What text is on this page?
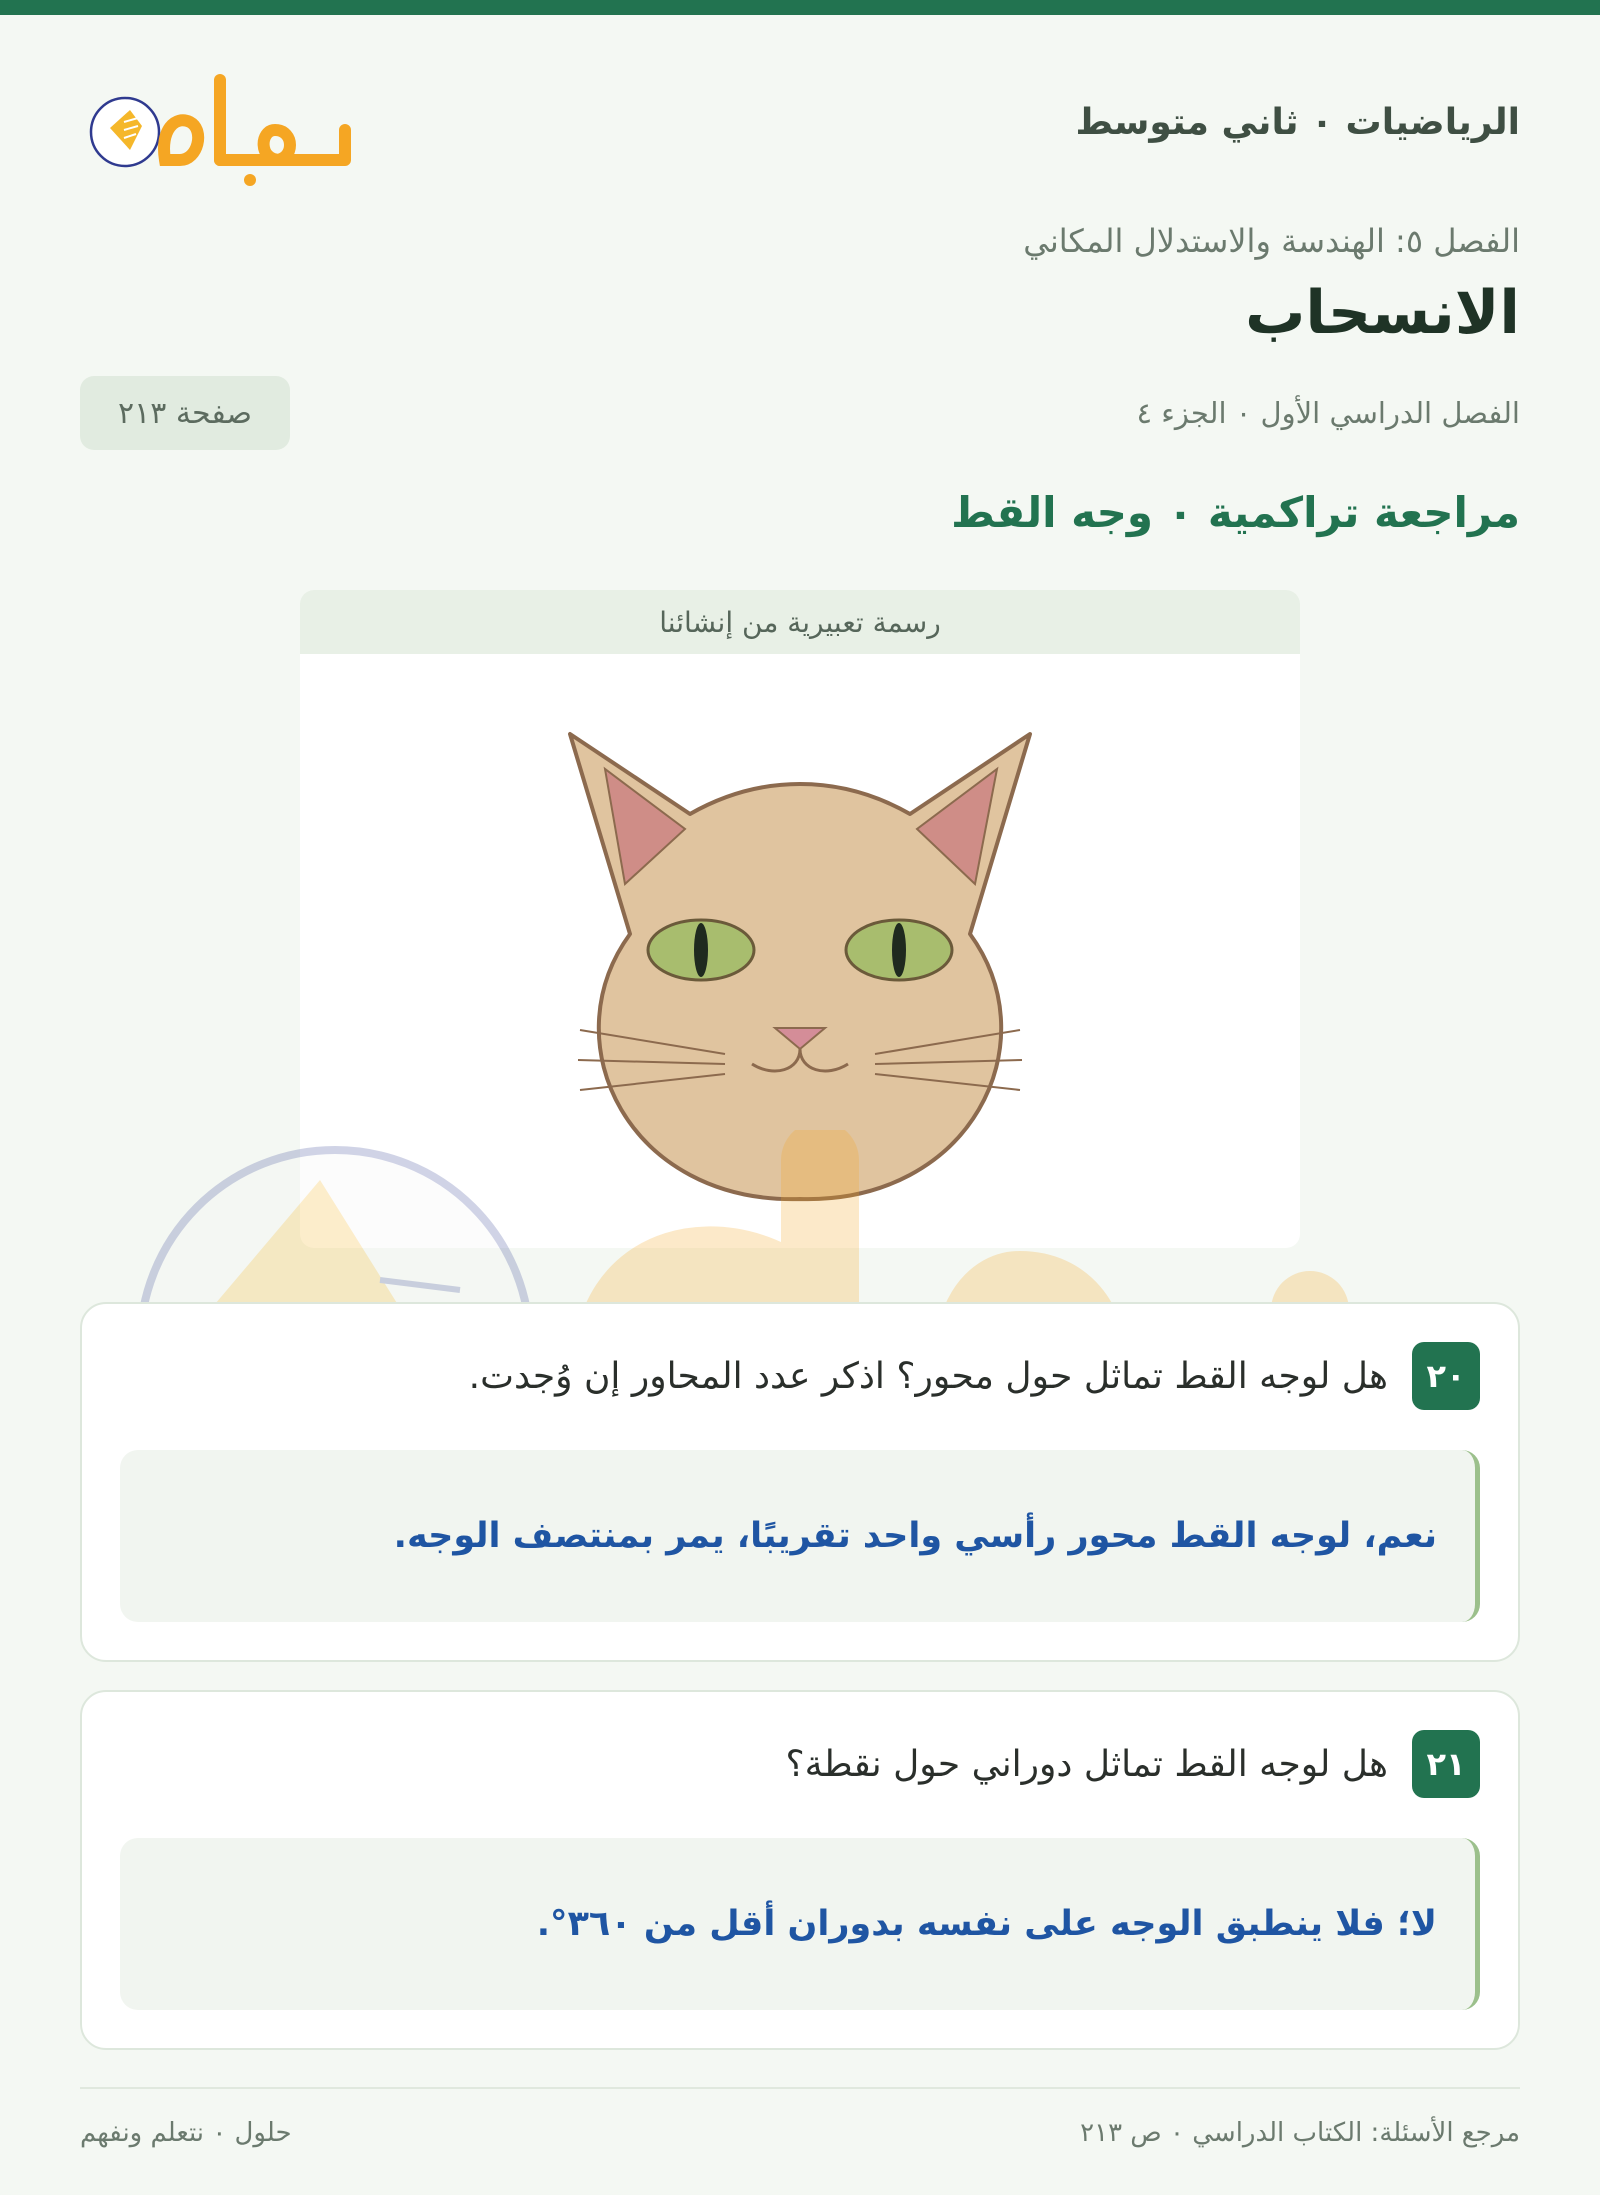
الرياضيات ٠ ثاني متوسط
الفصل ٥: الهندسة والاستدلال المكاني
الانسحاب
الفصل الدراسي الأول ٠ الجزء ٤
صفحة ٢١٣
مراجعة تراكمية ٠ وجه القط
رسمة تعبيرية من إنشائنا
٢٠
هل لوجه القط تماثل حول محور؟ اذكر عدد المحاور إن وُجدت.
نعم، لوجه القط محور رأسي واحد تقريبًا، يمر بمنتصف الوجه.
٢١
هل لوجه القط تماثل دوراني حول نقطة؟
لا؛ فلا ينطبق الوجه على نفسه بدوران أقل من ٣٦٠°.
مرجع الأسئلة: الكتاب الدراسي ٠ ص ٢١٣
حلول ٠ نتعلم ونفهم
